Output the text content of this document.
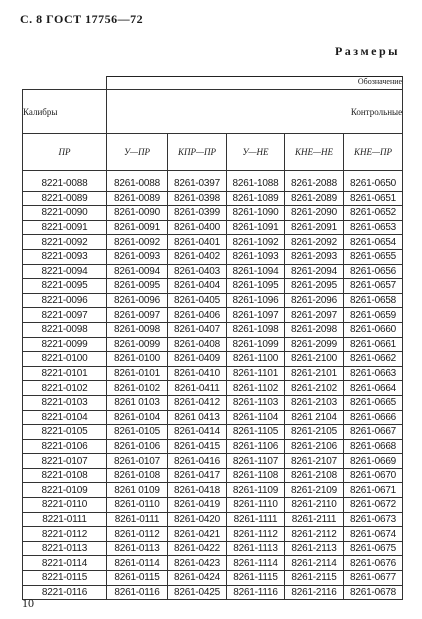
С. 8 ГОСТ 17756—72
Размеры
	Обозначение				
Калибры	Контрольные				
ПР	У—ПР	КПР—ПР	У—НЕ	КНЕ—НЕ	КНЕ—ПР
8221-0088	8261-0088	8261-0397	8261-1088	8261-2088	8261-0650
8221-0089	8261-0089	8261-0398	8261-1089	8261-2089	8261-0651
8221-0090	8261-0090	8261-0399	8261-1090	8261-2090	8261-0652
8221-0091	8261-0091	8261-0400	8261-1091	8261-2091	8261-0653
8221-0092	8261-0092	8261-0401	8261-1092	8261-2092	8261-0654
8221-0093	8261-0093	8261-0402	8261-1093	8261-2093	8261-0655
8221-0094	8261-0094	8261-0403	8261-1094	8261-2094	8261-0656
8221-0095	8261-0095	8261-0404	8261-1095	8261-2095	8261-0657
8221-0096	8261-0096	8261-0405	8261-1096	8261-2096	8261-0658
8221-0097	8261-0097	8261-0406	8261-1097	8261-2097	8261-0659
8221-0098	8261-0098	8261-0407	8261-1098	8261-2098	8261-0660
8221-0099	8261-0099	8261-0408	8261-1099	8261-2099	8261-0661
8221-0100	8261-0100	8261-0409	8261-1100	8261-2100	8261-0662
8221-0101	8261-0101	8261-0410	8261-1101	8261-2101	8261-0663
8221-0102	8261-0102	8261-0411	8261-1102	8261-2102	8261-0664
8221-0103	8261 0103	8261-0412	8261-1103	8261-2103	8261-0665
8221-0104	8261-0104	8261 0413	8261-1104	8261 2104	8261-0666
8221-0105	8261-0105	8261-0414	8261-1105	8261-2105	8261-0667
8221-0106	8261-0106	8261-0415	8261-1106	8261-2106	8261-0668
8221-0107	8261-0107	8261-0416	8261-1107	8261-2107	8261-0669
8221-0108	8261-0108	8261-0417	8261-1108	8261-2108	8261-0670
8221-0109	8261 0109	8261-0418	8261-1109	8261-2109	8261-0671
8221-0110	8261-0110	8261-0419	8261-1110	8261-2110	8261-0672
8221-0111	8261-0111	8261-0420	8261-1111	8261-2111	8261-0673
8221-0112	8261-0112	8261-0421	8261-1112	8261-2112	8261-0674
8221-0113	8261-0113	8261-0422	8261-1113	8261-2113	8261-0675
8221-0114	8261-0114	8261-0423	8261-1114	8261-2114	8261-0676
8221-0115	8261-0115	8261-0424	8261-1115	8261-2115	8261-0677
8221-0116	8261-0116	8261-0425	8261-1116	8261-2116	8261-0678
10
